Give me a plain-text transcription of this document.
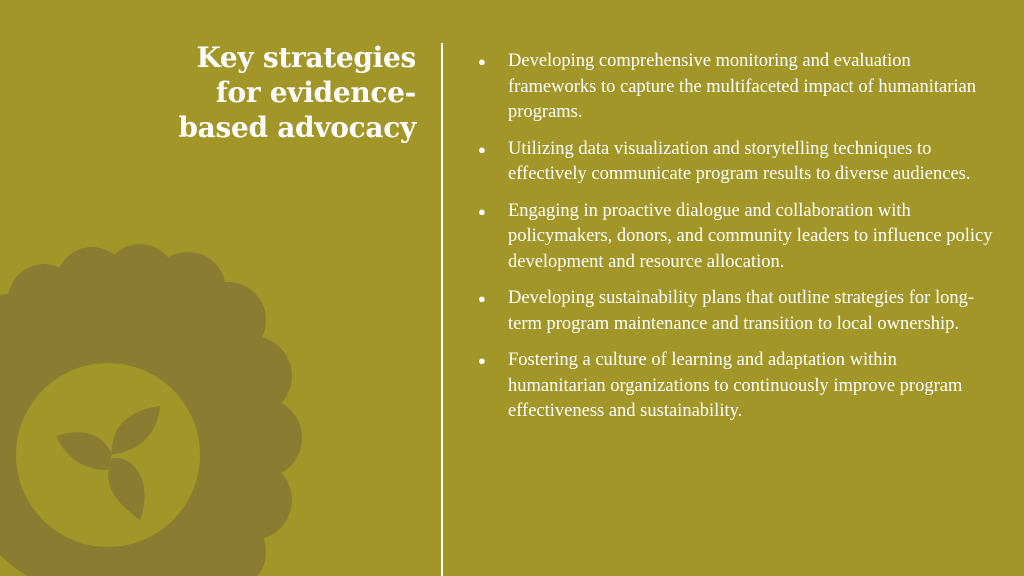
Key strategies for evidence-based advocacy
● Developing comprehensive monitoring and evaluation frameworks to capture the multifaceted impact of humanitarian programs.
● Utilizing data visualization and storytelling techniques to effectively communicate program results to diverse audiences.
● Engaging in proactive dialogue and collaboration with policymakers, donors, and community leaders to influence policy development and resource allocation.
● Developing sustainability plans that outline strategies for long-term program maintenance and transition to local ownership.
● Fostering a culture of learning and adaptation within humanitarian organizations to continuously improve program effectiveness and sustainability.
